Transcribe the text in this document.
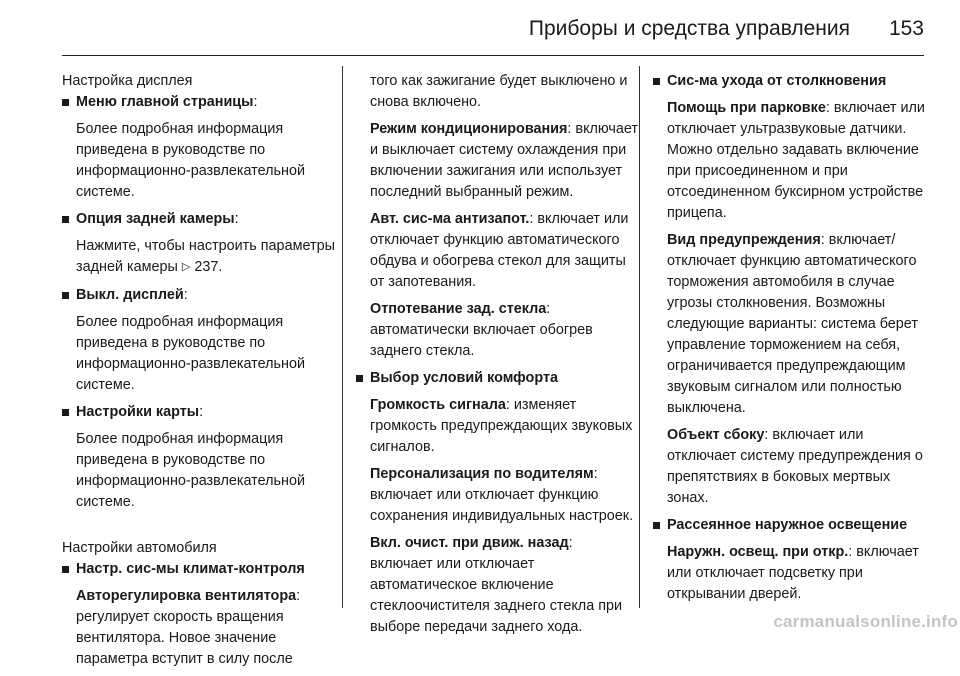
Приборы и средства управления	153
Настройка дисплея
Меню главной страницы:
Более подробная информация приведена в руководстве по информационно-развлекательной системе.
Опция задней камеры:
Нажмите, чтобы настроить параметры задней камеры ▷ 237.
Выкл. дисплей:
Более подробная информация приведена в руководстве по информационно-развлекательной системе.
Настройки карты:
Более подробная информация приведена в руководстве по информационно-развлекательной системе.
Настройки автомобиля
Настр. сис-мы климат-контроля
Авторегулировка вентилятора: регулирует скорость вращения вентилятора. Новое значение параметра вступит в силу после
того как зажигание будет выключено и снова включено.
Режим кондиционирования: включает и выключает систему охлаждения при включении зажигания или использует последний выбранный режим.
Авт. сис-ма антизапот.: включает или отключает функцию автоматического обдува и обогрева стекол для защиты от запотевания.
Отпотевание зад. стекла: автоматически включает обогрев заднего стекла.
Выбор условий комфорта
Громкость сигнала: изменяет громкость предупреждающих звуковых сигналов.
Персонализация по водителям: включает или отключает функцию сохранения индивидуальных настроек.
Вкл. очист. при движ. назад: включает или отключает автоматическое включение стеклоочистителя заднего стекла при выборе передачи заднего хода.
Сис-ма ухода от столкновения
Помощь при парковке: включает или отключает ультразвуковые датчики. Можно отдельно задавать включение при присоединенном и при отсоединенном буксирном устройстве прицепа.
Вид предупреждения: включает/отключает функцию автоматического торможения автомобиля в случае угрозы столкновения. Возможны следующие варианты: система берет управление торможением на себя, ограничивается предупреждающим звуковым сигналом или полностью выключена.
Объект сбоку: включает или отключает систему предупреждения о препятствиях в боковых мертвых зонах.
Рассеянное наружное освещение
Наружн. освещ. при откр.: включает или отключает подсветку при открывании дверей.
carmanualsonline.info
